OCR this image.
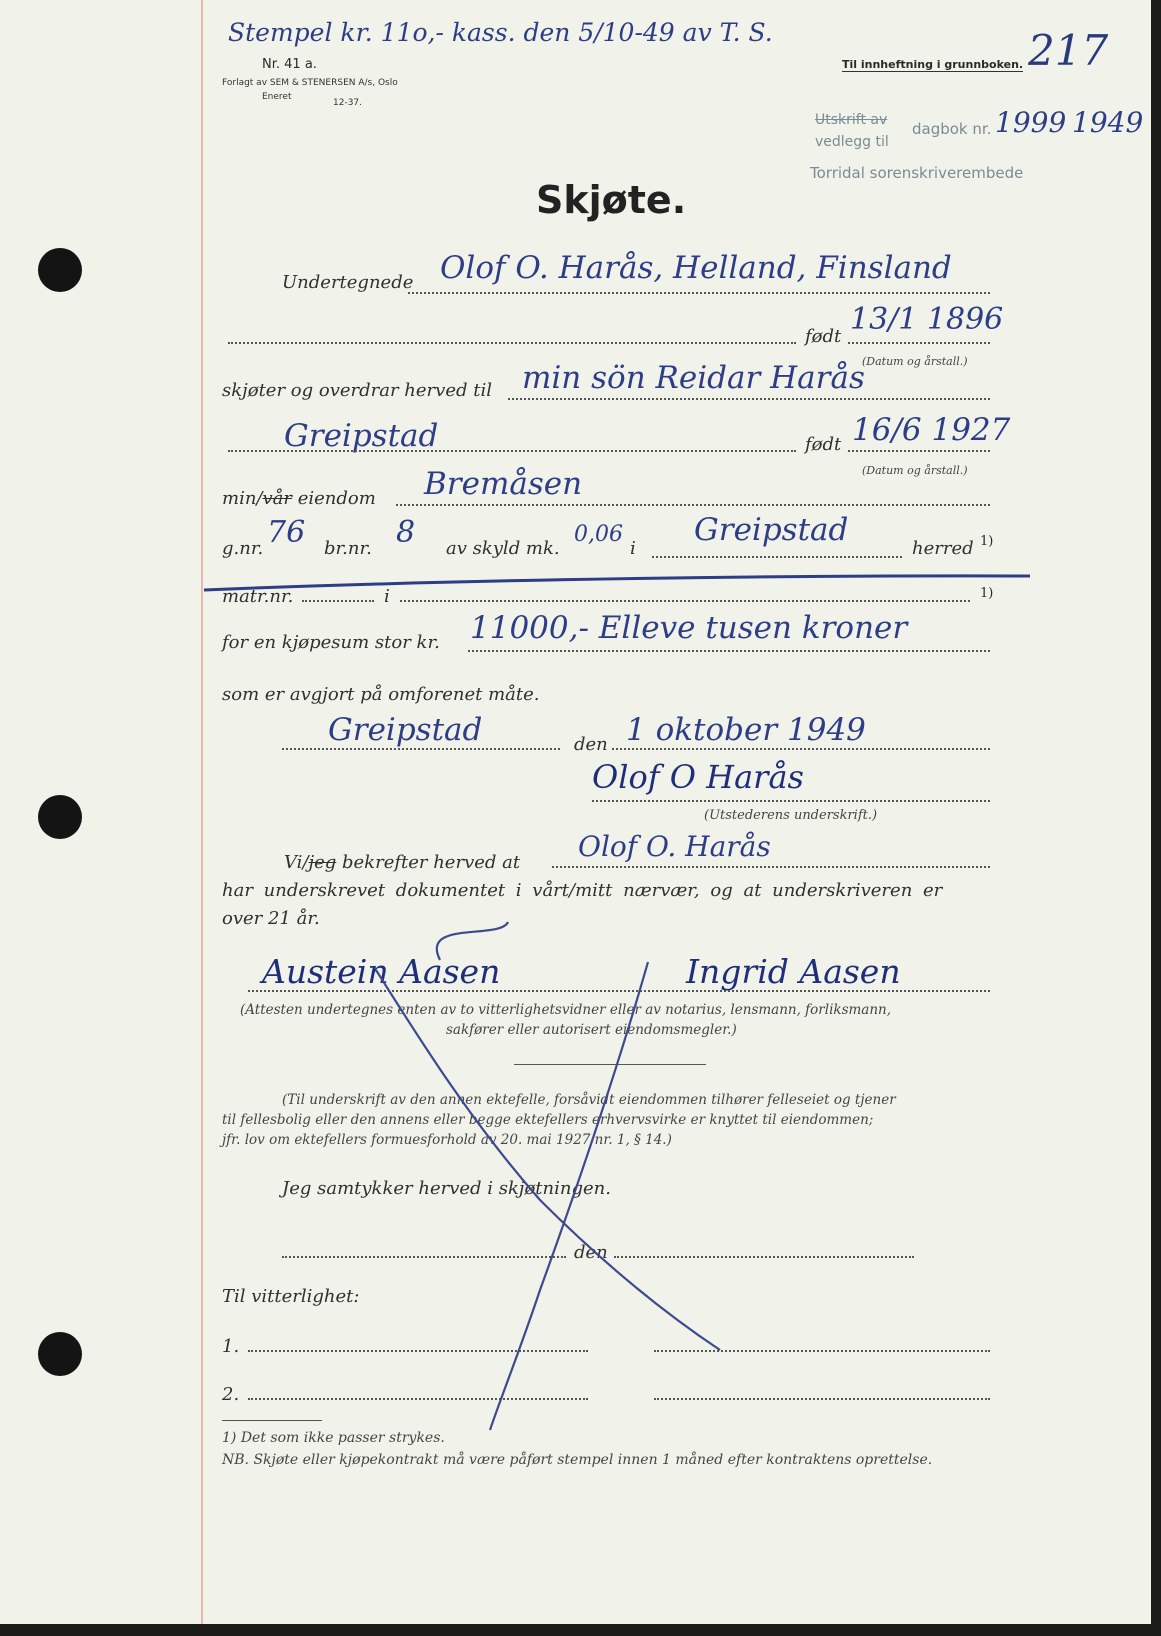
Stempel kr. 11o,- kass. den 5/10-49 av T. S.
Nr. 41 a.
Forlagt av SEM & STENERSEN A/s, Oslo
Eneret
12-37.
Til innheftning i grunnboken. 217
Utskrift av
vedlegg til
dagbok nr. 1999 1949
Torridal sorenskriverembede
Skjøte.
Undertegnede Olof O. Harås, Helland, Finsland
født 13/1 1896
(Datum og årstall.)
skjøter og overdrar herved til min sön Reidar Harås
Greipstad	født 16/6 1927
(Datum og årstall.)
min/vår eiendom Bremåsen
g.nr. 76 br.nr. 8 av skyld mk.
0,06
i
Greipstad
herred 1)
matr.nr.	i	1)
for en kjøpesum stor kr. 11000,- Elleve tusen kroner
som er avgjort på omforenet måte.
Greipstad	den 1 oktober 1949
Olof O Harås
(Utstederens underskrift.)
Vi/jeg bekrefter herved at Olof O. Harås
har underskrevet dokumentet i vårt/mitt nærvær, og at underskriveren er
over 21 år.
Austein Aasen	Ingrid Aasen
(Attesten undertegnes enten av to vitterlighetsvidner eller av notarius, lensmann, forliksmann,
sakfører eller autorisert eiendomsmegler.)
(Til underskrift av den annen ektefelle, forsåvidt eiendommen tilhører felleseiet og tjener
til fellesbolig eller den annens eller begge ektefellers erhvervsvirke er knyttet til eiendommen;
jfr. lov om ektefellers formuesforhold av 20. mai 1927 nr. 1, § 14.)
Jeg samtykker herved i skjøtningen.
den
Til vitterlighet:
1.
2.
1) Det som ikke passer strykes.
NB. Skjøte eller kjøpekontrakt må være påført stempel innen 1 måned efter kontraktens oprettelse.
